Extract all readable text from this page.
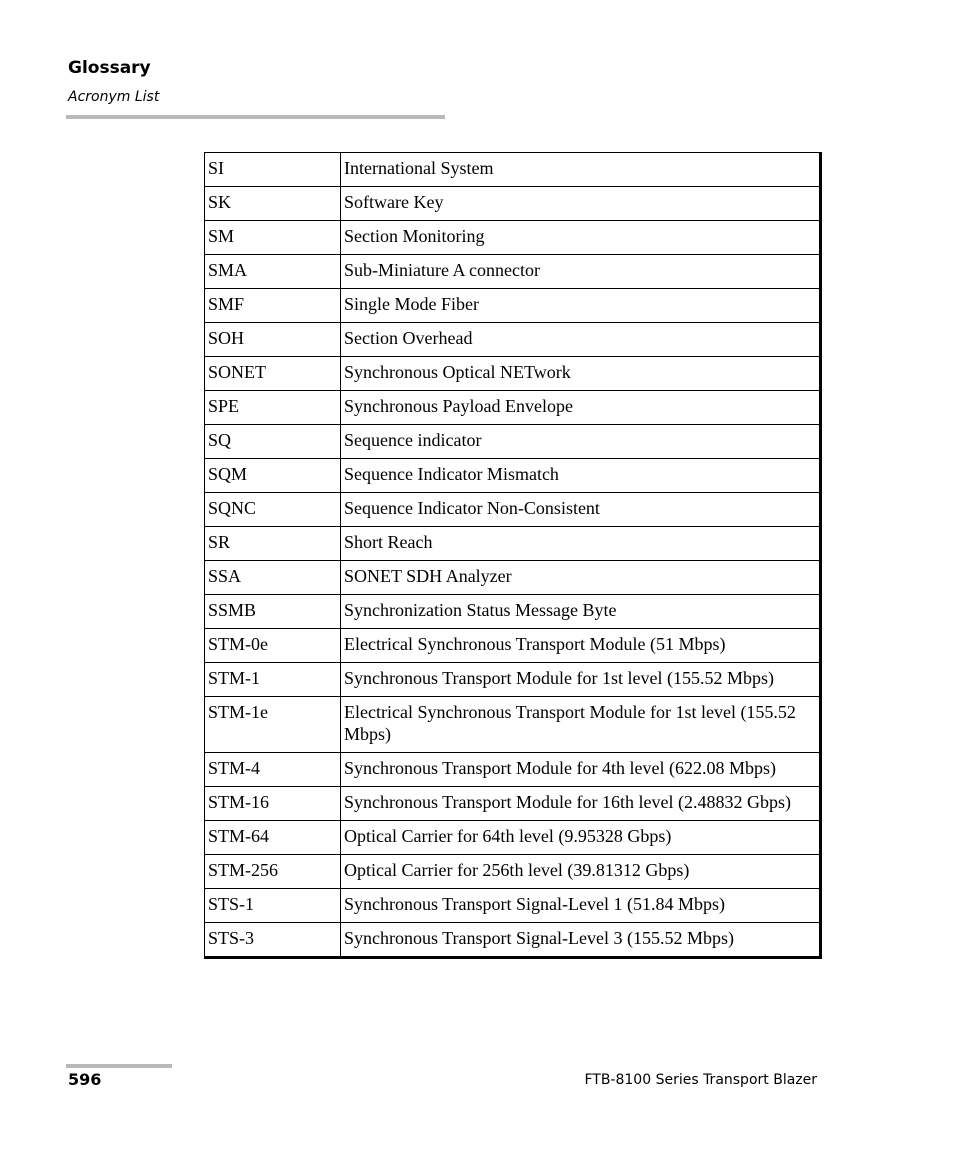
Glossary
Acronym List
SI	International System
SK	Software Key
SM	Section Monitoring
SMA	Sub-Miniature A connector
SMF	Single Mode Fiber
SOH	Section Overhead
SONET	Synchronous Optical NETwork
SPE	Synchronous Payload Envelope
SQ	Sequence indicator
SQM	Sequence Indicator Mismatch
SQNC	Sequence Indicator Non-Consistent
SR	Short Reach
SSA	SONET SDH Analyzer
SSMB	Synchronization Status Message Byte
STM-0e	Electrical Synchronous Transport Module (51 Mbps)
STM-1	Synchronous Transport Module for 1st level (155.52 Mbps)
STM-1e	Electrical Synchronous Transport Module for 1st level (155.52 Mbps)
STM-4	Synchronous Transport Module for 4th level (622.08 Mbps)
STM-16	Synchronous Transport Module for 16th level (2.48832 Gbps)
STM-64	Optical Carrier for 64th level (9.95328 Gbps)
STM-256	Optical Carrier for 256th level (39.81312 Gbps)
STS-1	Synchronous Transport Signal-Level 1 (51.84 Mbps)
STS-3	Synchronous Transport Signal-Level 3 (155.52 Mbps)
596	FTB-8100 Series Transport Blazer
